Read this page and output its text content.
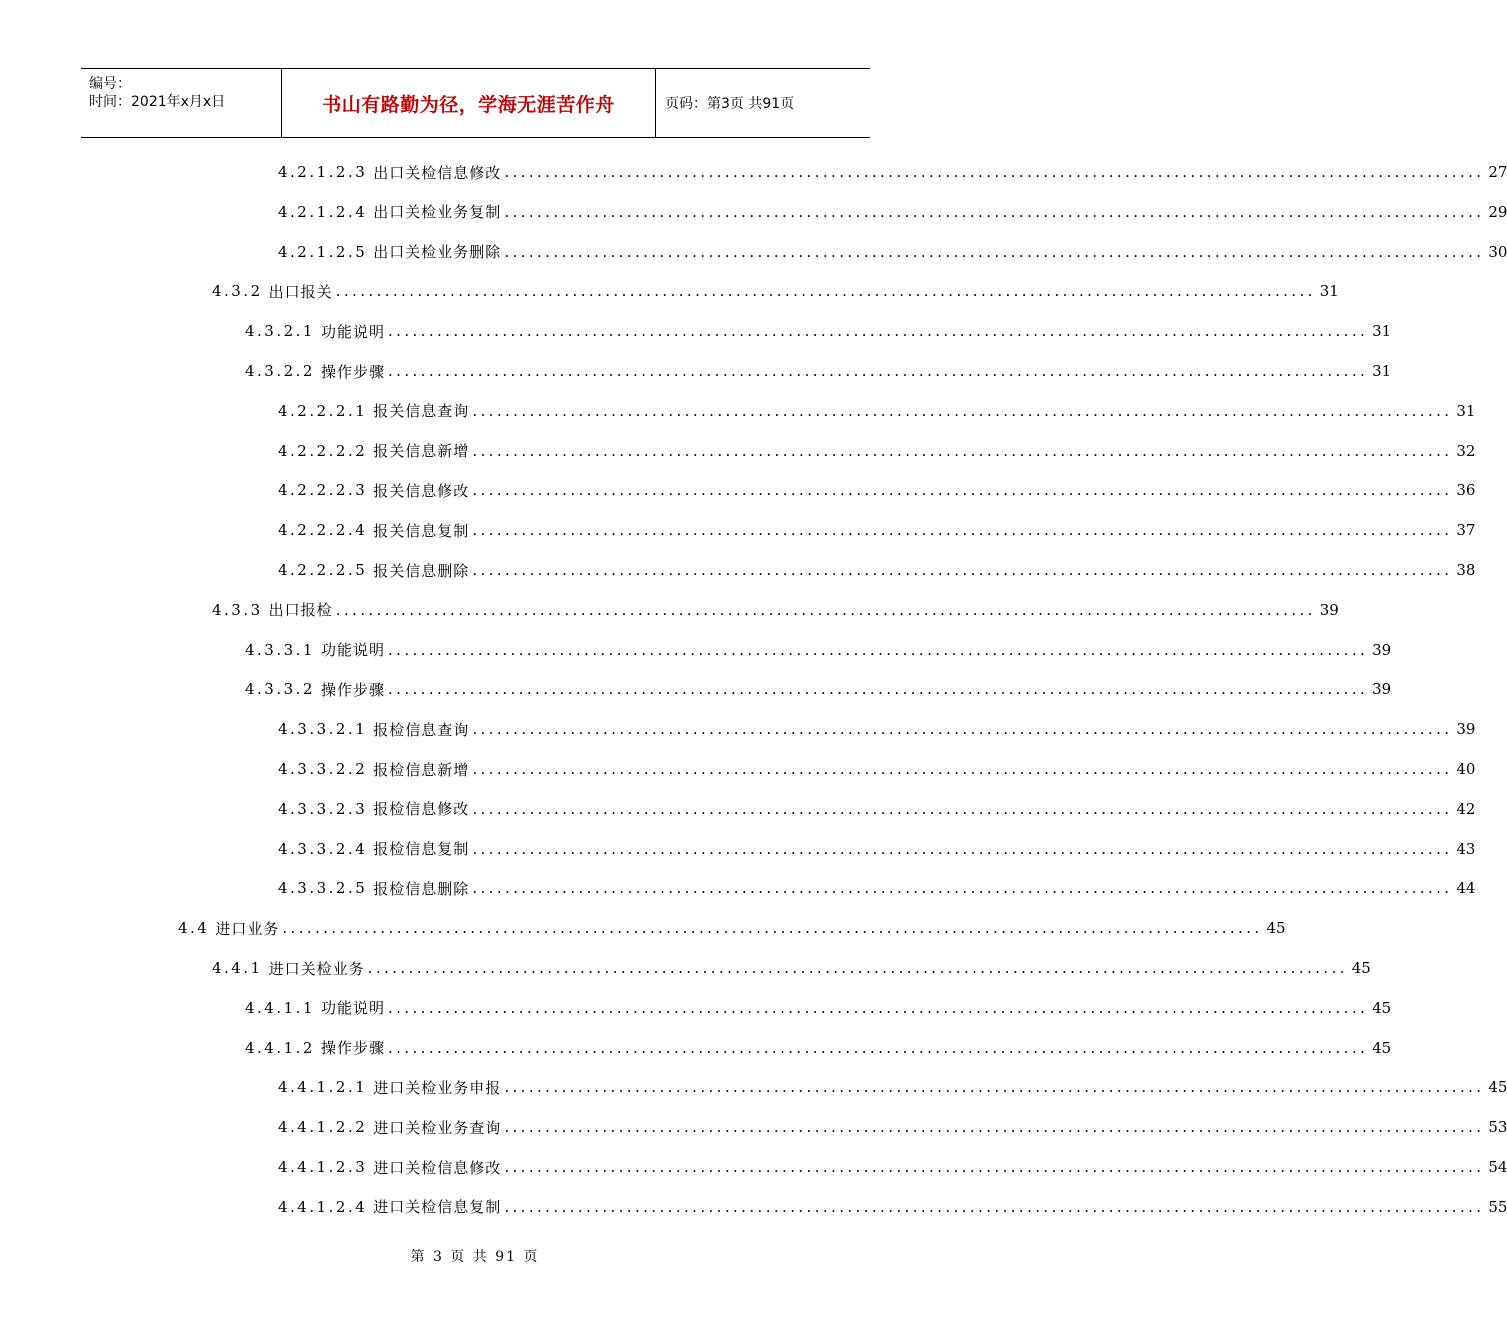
编号：
时间：2021年x月x日	书山有路勤为径，学海无涯苦作舟	页码：第3页 共91页
4.2.1.2.3 出口关检信息修改 ........................................................................................................................ 27
4.2.1.2.4 出口关检业务复制 ........................................................................................................................ 29
4.2.1.2.5 出口关检业务删除 ........................................................................................................................ 30
4.3.2 出口报关 ........................................................................................................................ 31
4.3.2.1 功能说明 ........................................................................................................................ 31
4.3.2.2 操作步骤 ........................................................................................................................ 31
4.2.2.2.1 报关信息查询 ........................................................................................................................ 31
4.2.2.2.2 报关信息新增 ........................................................................................................................ 32
4.2.2.2.3 报关信息修改 ........................................................................................................................ 36
4.2.2.2.4 报关信息复制 ........................................................................................................................ 37
4.2.2.2.5 报关信息删除 ........................................................................................................................ 38
4.3.3 出口报检 ........................................................................................................................ 39
4.3.3.1 功能说明 ........................................................................................................................ 39
4.3.3.2 操作步骤 ........................................................................................................................ 39
4.3.3.2.1 报检信息查询 ........................................................................................................................ 39
4.3.3.2.2 报检信息新增 ........................................................................................................................ 40
4.3.3.2.3 报检信息修改 ........................................................................................................................ 42
4.3.3.2.4 报检信息复制 ........................................................................................................................ 43
4.3.3.2.5 报检信息删除 ........................................................................................................................ 44
4.4 进口业务 ........................................................................................................................ 45
4.4.1 进口关检业务 ........................................................................................................................ 45
4.4.1.1 功能说明 ........................................................................................................................ 45
4.4.1.2 操作步骤 ........................................................................................................................ 45
4.4.1.2.1 进口关检业务申报 ........................................................................................................................ 45
4.4.1.2.2 进口关检业务查询 ........................................................................................................................ 53
4.4.1.2.3 进口关检信息修改 ........................................................................................................................ 54
4.4.1.2.4 进口关检信息复制 ........................................................................................................................ 55
第 3 页 共 91 页
